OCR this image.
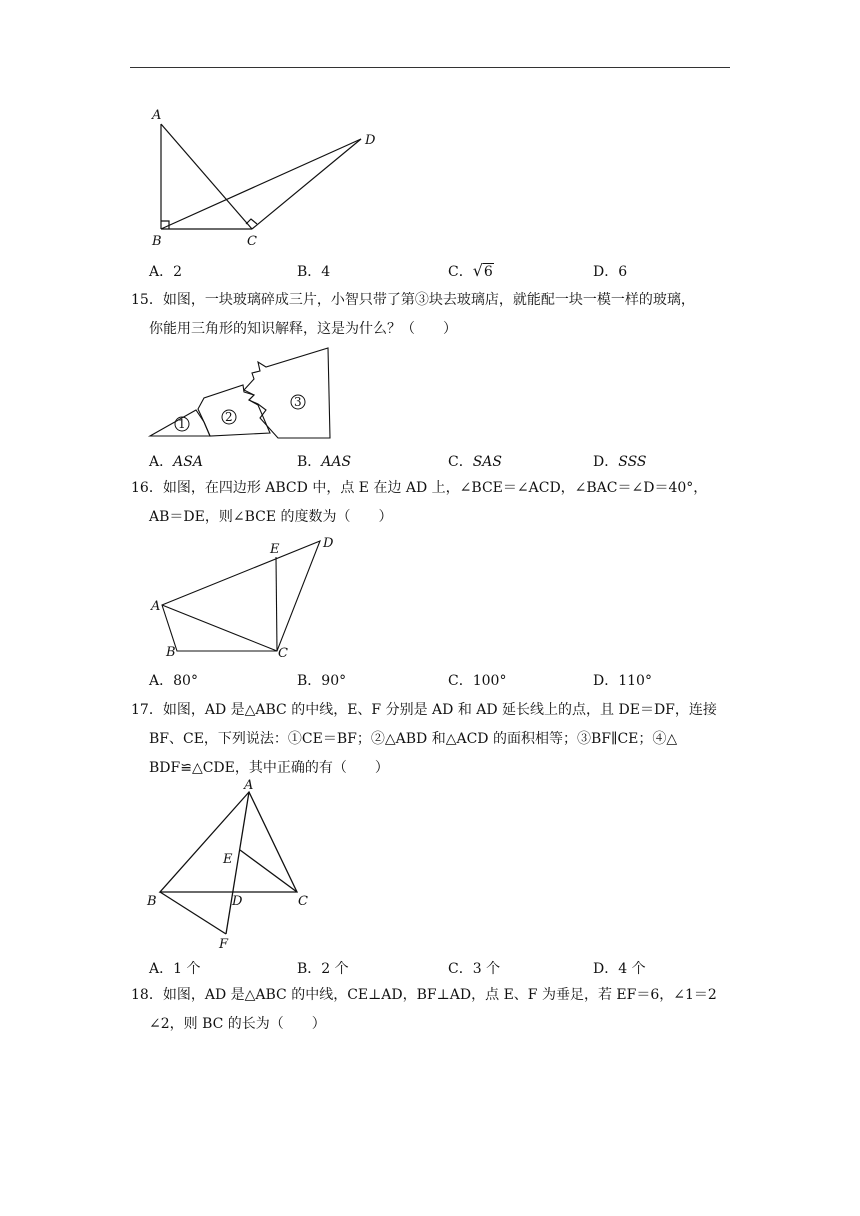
A
B	C
D
A．2	B．4	C．√6	D．6

15．如图，一块玻璃碎成三片，小智只带了第③块去玻璃店，就能配一块一模一样的玻璃，

你能用三角形的知识解释，这是为什么？（　　）

1	2
3
A．ASA	B．AAS	C．SAS	D．SSS

16．如图，在四边形 ABCD 中，点 E 在边 AD 上，∠BCE＝∠ACD，∠BAC＝∠D＝40°，

AB＝DE，则∠BCE 的度数为（　　）

A
B	C
D
E
A．80°	B．90°	C．100°	D．110°

17．如图，AD 是△ABC 的中线，E、F 分别是 AD 和 AD 延长线上的点，且 DE＝DF，连接

BF、CE，下列说法：①CE＝BF；②△ABD 和△ACD 的面积相等；③BF∥CE；④△

BDF≌△CDE，其中正确的有（　　）

A
B	C
D
E
F
A．1 个	B．2 个	C．3 个	D．4 个

18．如图，AD 是△ABC 的中线，CE⊥AD，BF⊥AD，点 E、F 为垂足，若 EF＝6，∠1＝2

∠2，则 BC 的长为（　　）
